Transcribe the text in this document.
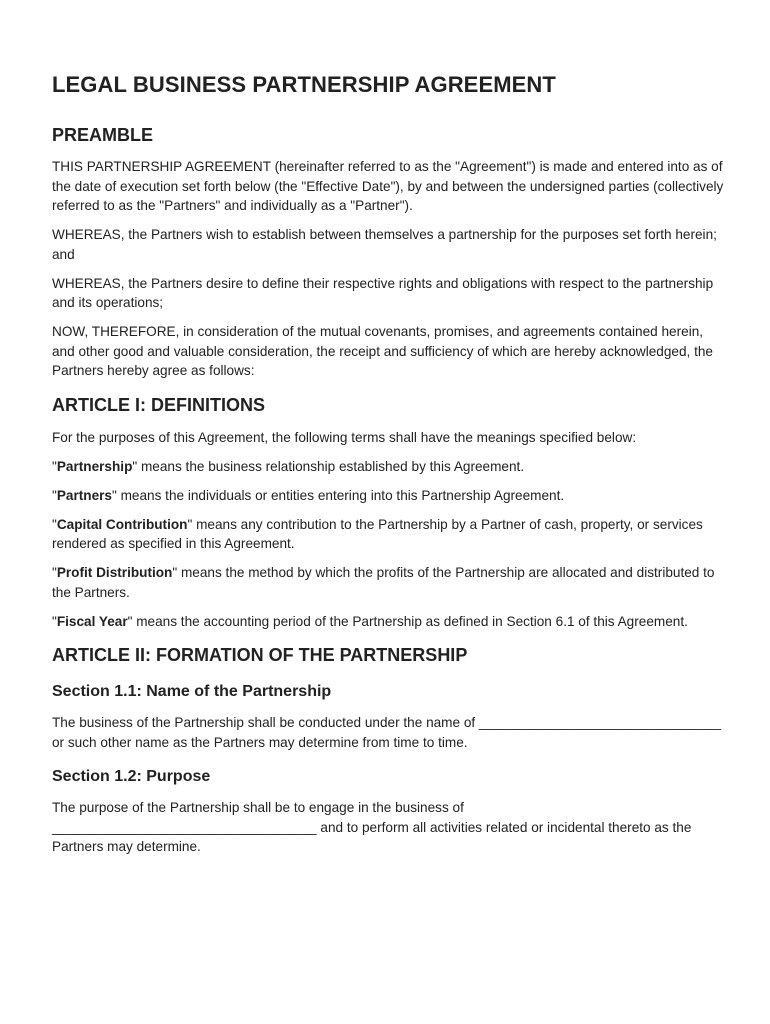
LEGAL BUSINESS PARTNERSHIP AGREEMENT
PREAMBLE

THIS PARTNERSHIP AGREEMENT (hereinafter referred to as the "Agreement") is made and entered into as of the date of execution set forth below (the "Effective Date"), by and between the undersigned parties (collectively referred to as the "Partners" and individually as a "Partner").

WHEREAS, the Partners wish to establish between themselves a partnership for the purposes set forth herein; and

WHEREAS, the Partners desire to define their respective rights and obligations with respect to the partnership and its operations;

NOW, THEREFORE, in consideration of the mutual covenants, promises, and agreements contained herein, and other good and valuable consideration, the receipt and sufficiency of which are hereby acknowledged, the Partners hereby agree as follows:

ARTICLE I: DEFINITIONS

For the purposes of this Agreement, the following terms shall have the meanings specified below:

"Partnership" means the business relationship established by this Agreement.

"Partners" means the individuals or entities entering into this Partnership Agreement.

"Capital Contribution" means any contribution to the Partnership by a Partner of cash, property, or services rendered as specified in this Agreement.

"Profit Distribution" means the method by which the profits of the Partnership are allocated and distributed to the Partners.

"Fiscal Year" means the accounting period of the Partnership as defined in Section 6.1 of this Agreement.

ARTICLE II: FORMATION OF THE PARTNERSHIP
Section 1.1: Name of the Partnership

The business of the Partnership shall be conducted under the name of ________________________________ or such other name as the Partners may determine from time to time.

Section 1.2: Purpose

The purpose of the Partnership shall be to engage in the business of ___________________________________ and to perform all activities related or incidental thereto as the Partners may determine.
